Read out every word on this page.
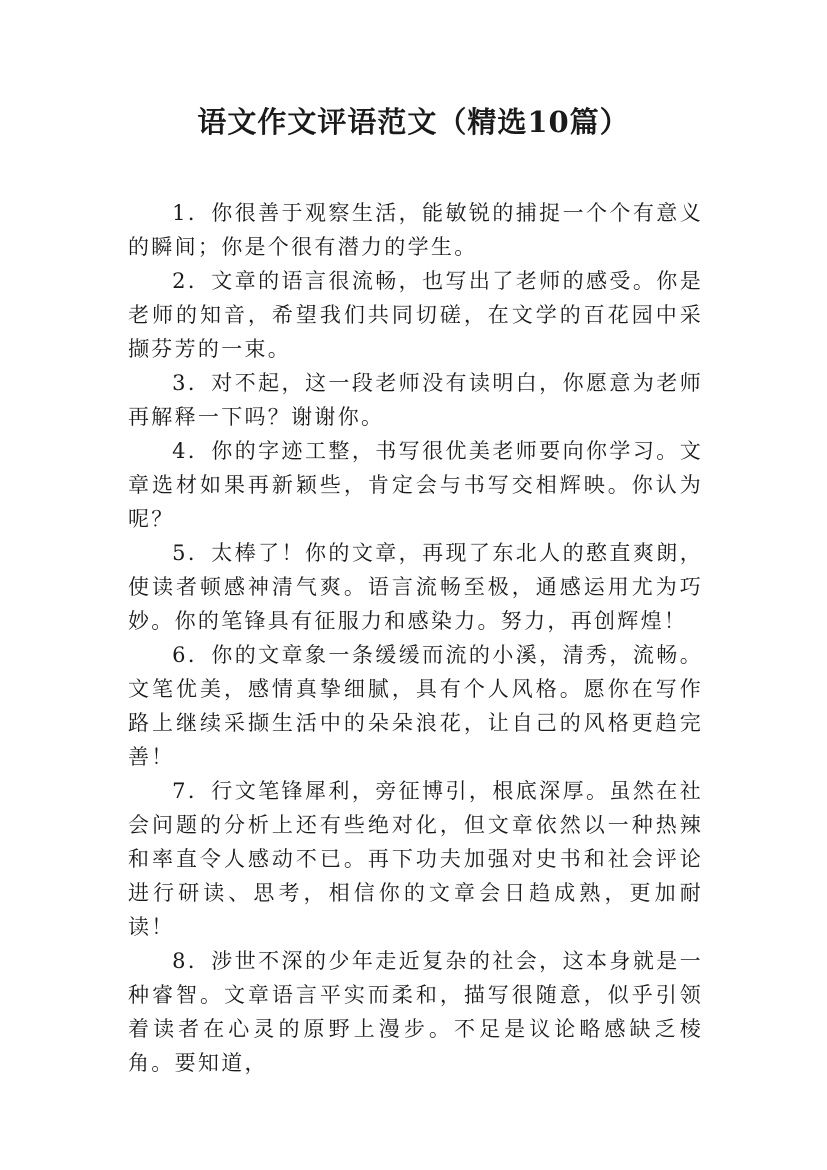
语文作文评语范文（精选10篇）

1．你很善于观察生活，能敏锐的捕捉一个个有意义的瞬间；你是个很有潜力的学生。

2．文章的语言很流畅，也写出了老师的感受。你是老师的知音，希望我们共同切磋，在文学的百花园中采撷芬芳的一束。

3．对不起，这一段老师没有读明白，你愿意为老师再解释一下吗？谢谢你。

4．你的字迹工整，书写很优美老师要向你学习。文章选材如果再新颖些，肯定会与书写交相辉映。你认为呢？

5．太棒了！你的文章，再现了东北人的憨直爽朗，使读者顿感神清气爽。语言流畅至极，通感运用尤为巧妙。你的笔锋具有征服力和感染力。努力，再创辉煌！

6．你的文章象一条缓缓而流的小溪，清秀，流畅。文笔优美，感情真挚细腻，具有个人风格。愿你在写作路上继续采撷生活中的朵朵浪花，让自己的风格更趋完善！

7．行文笔锋犀利，旁征博引，根底深厚。虽然在社会问题的分析上还有些绝对化，但文章依然以一种热辣和率直令人感动不已。再下功夫加强对史书和社会评论进行研读、思考，相信你的文章会日趋成熟，更加耐读！

8．涉世不深的少年走近复杂的社会，这本身就是一种睿智。文章语言平实而柔和，描写很随意，似乎引领着读者在心灵的原野上漫步。不足是议论略感缺乏棱角。要知道，
